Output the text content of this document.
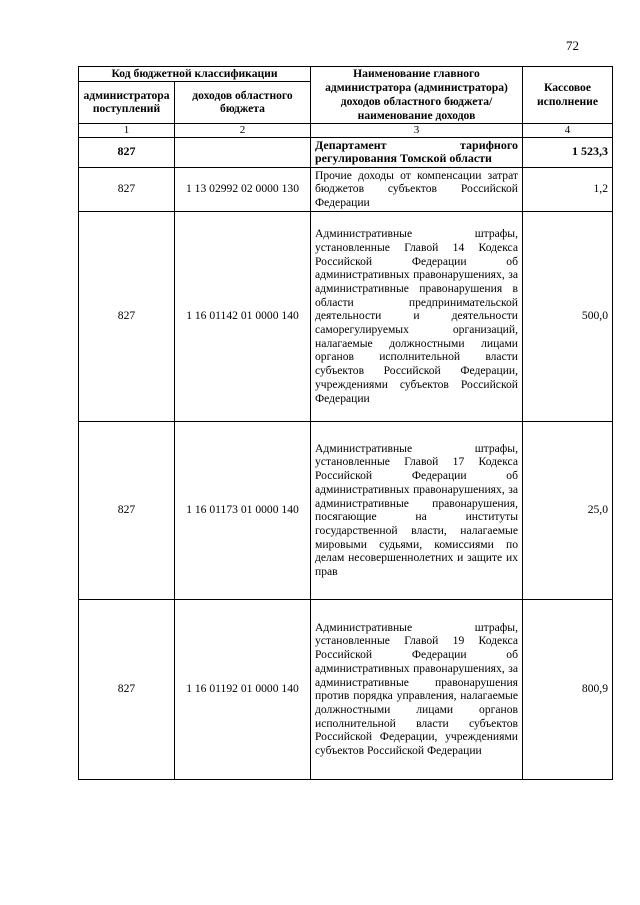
72
Код бюджетной классификации		Наименование главного администратора (администратора) доходов областного бюджета/ наименование доходов	Кассовое исполнение
администратора поступлений	доходов областного бюджета		
1	2	3	4
827		Департамент тарифного регулирования Томской области	1 523,3
827	1 13 02992 02 0000 130	Прочие доходы от компенсации затрат бюджетов субъектов Российской Федерации	1,2
827	1 16 01142 01 0000 140	Административные штрафы, установленные Главой 14 Кодекса Российской Федерации об административных правонарушениях, за административные правонарушения в области предпринимательской деятельности и деятельности саморегулируемых организаций, налагаемые должностными лицами органов исполнительной власти субъектов Российской Федерации, учреждениями субъектов Российской Федерации	500,0
827	1 16 01173 01 0000 140	Административные штрафы, установленные Главой 17 Кодекса Российской Федерации об административных правонарушениях, за административные правонарушения, посягающие на институты государственной власти, налагаемые мировыми судьями, комиссиями по делам несовершеннолетних и защите их прав	25,0
827	1 16 01192 01 0000 140	Административные штрафы, установленные Главой 19 Кодекса Российской Федерации об административных правонарушениях, за административные правонарушения против порядка управления, налагаемые должностными лицами органов исполнительной власти субъектов Российской Федерации, учреждениями субъектов Российской Федерации	800,9
